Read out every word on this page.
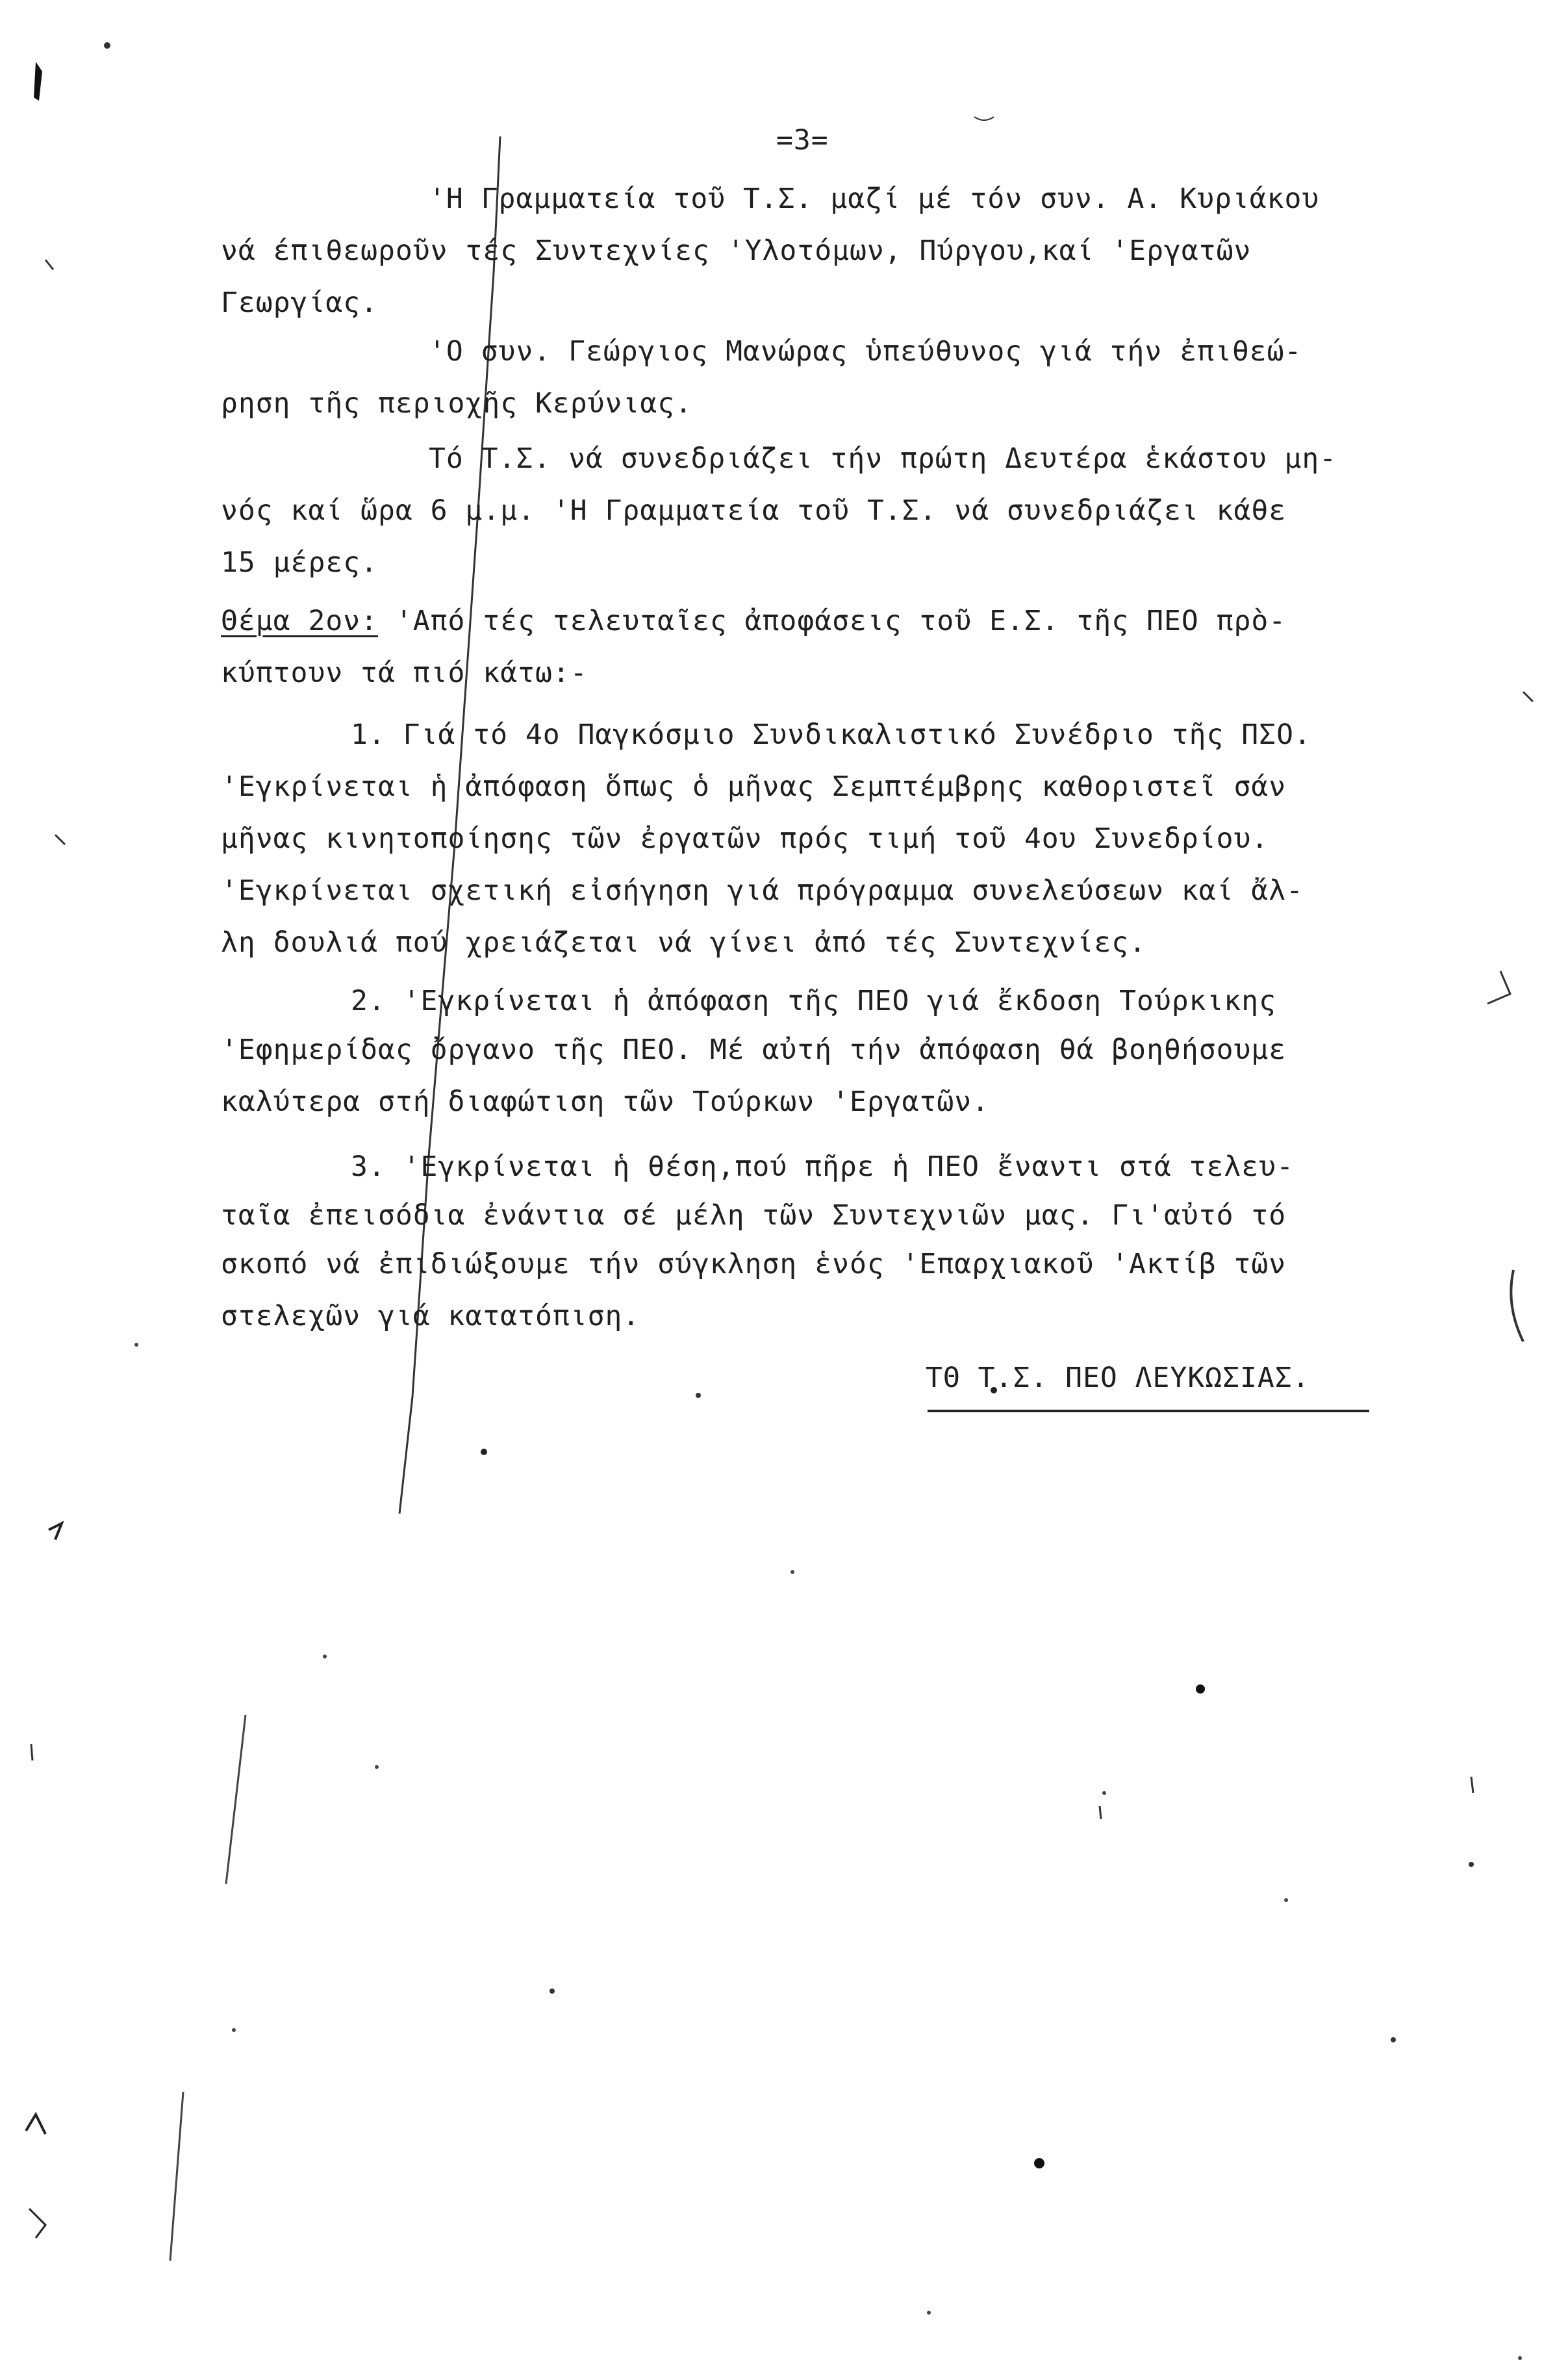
=3=
'Η Γραμματεία τοῦ Τ.Σ. μαζί μέ τόν συν. Α. Κυριάκου
νά έπιθεωροῦν τές Συντεχνίες 'Υλοτόμων, Πύργου,καί 'Εργατῶν
Γεωργίας.
'Ο συν. Γεώργιος Μανώρας ὑπεύθυνος γιά τήν ἐπιθεώ-
ρηση τῆς περιοχῆς Κερύνιας.
Τό Τ.Σ. νά συνεδριάζει τήν πρώτη Δευτέρα ἑκάστου μη-
νός καί ὥρα 6 μ.μ. 'Η Γραμματεία τοῦ Τ.Σ. νά συνεδριάζει κάθε
15 μέρες.
Θέμα 2ον: 'Από τές τελευταῖες ἀποφάσεις τοῦ Ε.Σ. τῆς ΠΕΟ πρὸ-
κύπτουν τά πιό κάτω:-
1. Γιά τό 4ο Παγκόσμιο Συνδικαλιστικό Συνέδριο τῆς ΠΣΟ.
'Εγκρίνεται ἡ ἀπόφαση ὅπως ὁ μῆνας Σεμπτέμβρης καθοριστεῖ σάν
μῆνας κινητοποίησης τῶν ἐργατῶν πρός τιμή τοῦ 4ου Συνεδρίου.
'Εγκρίνεται σχετική εἰσήγηση γιά πρόγραμμα συνελεύσεων καί ἄλ-
λη δουλιά πού χρειάζεται νά γίνει ἀπό τές Συντεχνίες.
2. 'Εγκρίνεται ἡ ἀπόφαση τῆς ΠΕΟ γιά ἔκδοση Τούρκικης
'Εφημερίδας ὄργανο τῆς ΠΕΟ. Μέ αὐτή τήν ἀπόφαση θά βοηθήσουμε
καλύτερα στή διαφώτιση τῶν Τούρκων 'Εργατῶν.
3. 'Εγκρίνεται ἡ θέση,πού πῆρε ἡ ΠΕΟ ἔναντι στά τελευ-
ταῖα ἐπεισόδια ἐνάντια σέ μέλη τῶν Συντεχνιῶν μας. Γι'αὐτό τό
σκοπό νά ἐπιδιώξουμε τήν σύγκληση ἑνός 'Επαρχιακοῦ 'Ακτίβ τῶν
στελεχῶν γιά κατατόπιση.
ΤΘ Τ.Σ. ΠΕΟ ΛΕΥΚΩΣΙΑΣ.
